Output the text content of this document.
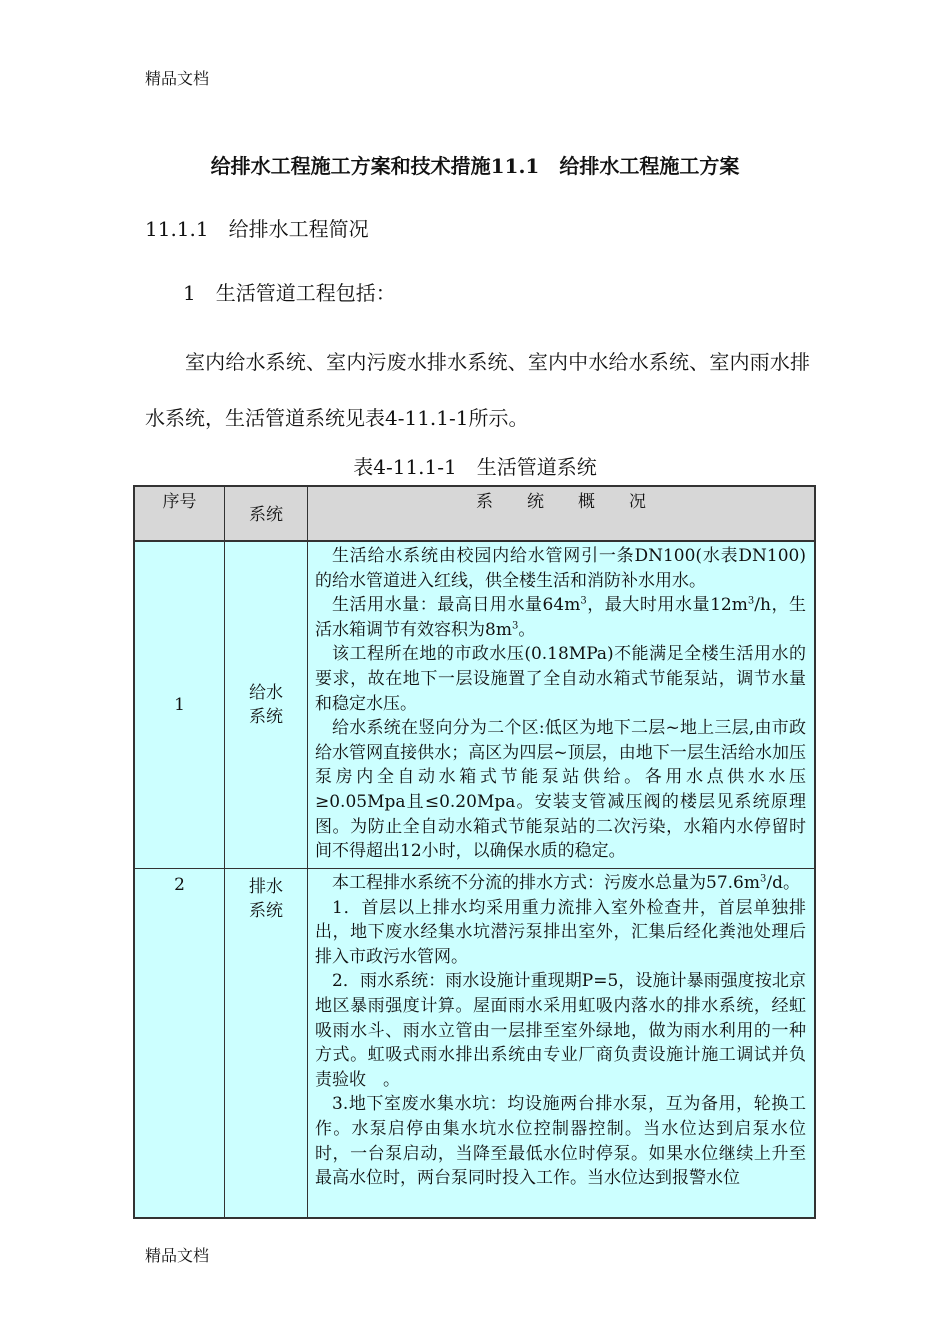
精品文档
给排水工程施工方案和技术措施11.1　给排水工程施工方案
11.1.1　给排水工程简况
1　生活管道工程包括：
室内给水系统、室内污废水排水系统、室内中水给水系统、室内雨水排水系统，生活管道系统见表4-11.1-1所示。
表4-11.1-1　生活管道系统
序号	系统	系　　统　　概　　况
1	给水系统	生活给水系统由校园内给水管网引一条DN100(水表DN100)的给水管道进入红线，供全楼生活和消防补水用水。

生活用水量：最高日用水量$64m^3$，最大时用水量$12m^3/h$，生活水箱调节有效容积为$8m^3$。

该工程所在地的市政水压(0.18MPa)不能满足全楼生活用水的要求，故在地下一层设施置了全自动水箱式节能泵站，调节水量和稳定水压。

给水系统在竖向分为二个区:低区为地下二层~地上三层,由市政给水管网直接供水；高区为四层~顶层，由地下一层生活给水加压泵房内全自动水箱式节能泵站供给。各用水点供水水压≥0.05Mpa且≤0.20Mpa。安装支管减压阀的楼层见系统原理图。为防止全自动水箱式节能泵站的二次污染，水箱内水停留时间不得超出12小时，以确保水质的稳定。

2	排水系统	本工程排水系统不分流的排水方式：污废水总量为$57.6m^3/d$。

1．首层以上排水均采用重力流排入室外检查井，首层单独排出，地下废水经集水坑潜污泵排出室外，汇集后经化粪池处理后排入市政污水管网。

2．雨水系统：雨水设施计重现期P=5，设施计暴雨强度按北京地区暴雨强度计算。屋面雨水采用虹吸内落水的排水系统，经虹吸雨水斗、雨水立管由一层排至室外绿地，做为雨水利用的一种方式。虹吸式雨水排出系统由专业厂商负责设施计施工调试并负责验收　。

3.地下室废水集水坑：均设施两台排水泵，互为备用，轮换工作。水泵启停由集水坑水位控制器控制。当水位达到启泵水位时，一台泵启动，当降至最低水位时停泵。如果水位继续上升至最高水位时，两台泵同时投入工作。当水位达到报警水位

精品文档
